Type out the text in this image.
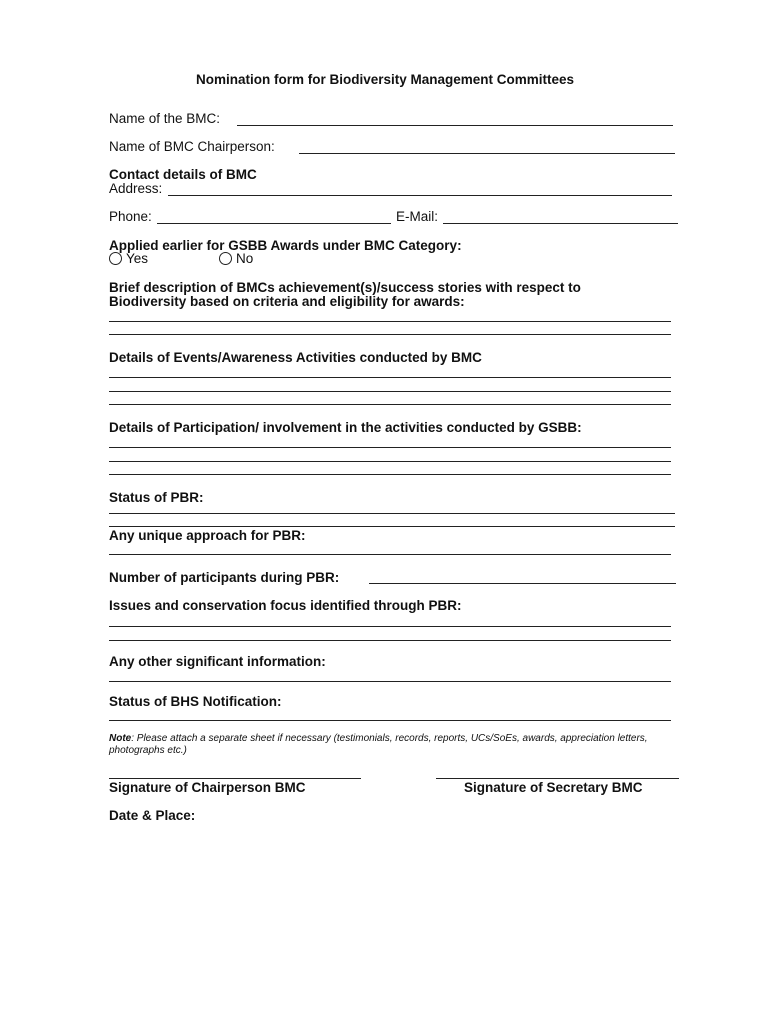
Nomination form for Biodiversity Management Committees
Name of the BMC:
Name of BMC Chairperson:
Contact details of BMC
Address:
Phone:	E-Mail:
Applied earlier for GSBB Awards under BMC Category:
Yes	No
Brief description of BMCs achievement(s)/success stories with respect to
Biodiversity based on criteria and eligibility for awards:
Details of Events/Awareness Activities conducted by BMC
Details of Participation/ involvement in the activities conducted by GSBB:
Status of PBR:
Any unique approach for PBR:
Number of participants during PBR:
Issues and conservation focus identified through PBR:
Any other significant information:
Status of BHS Notification:
Note: Please attach a separate sheet if necessary (testimonials, records, reports, UCs/SoEs, awards, appreciation letters, photographs etc.)
Signature of Chairperson BMC	Signature of Secretary BMC
Date & Place:
